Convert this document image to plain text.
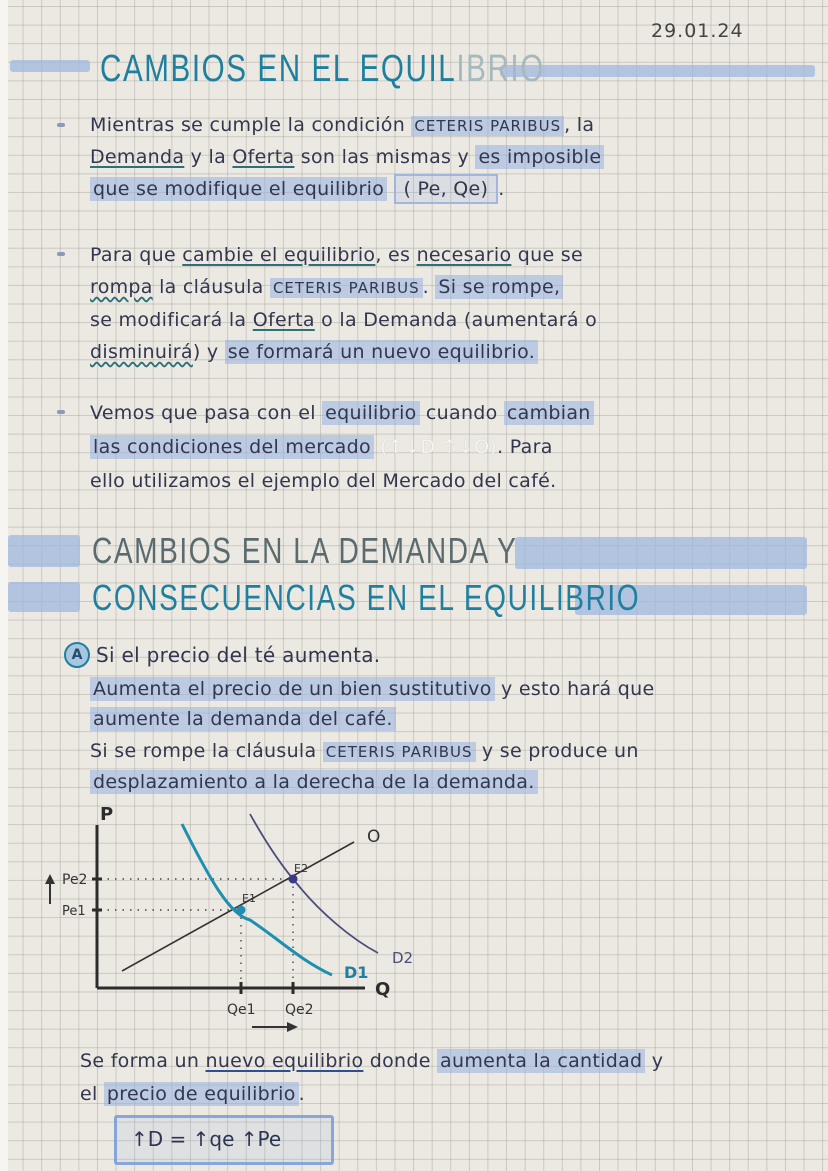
29.01.24
CAMBIOS EN EL EQUILIBRIO
Mientras se cumple la condición CETERIS PARIBUS , la
Demanda y la Oferta son las mismas y es imposible
que se modifique el equilibrio ( Pe, Qe) .
Para que cambie el equilibrio, es necesario que se
rompa la cláusula CETERIS PARIBUS . Si se rompe,
se modificará la Oferta o la Demanda (aumentará o
disminuirá) y se formará un nuevo equilibrio.
Vemos que pasa con el equilibrio cuando cambian
las condiciones del mercado (↑↓D ↑↓O). Para
ello utilizamos el ejemplo del Mercado del café.
CAMBIOS EN LA DEMANDA Y
CONSECUENCIAS EN EL EQUILIBRIO
A Si el precio del té aumenta.
Aumenta el precio de un bien sustitutivo y esto hará que
aumente la demanda del café.
Si se rompe la cláusula CETERIS PARIBUS y se produce un
desplazamiento a la derecha de la demanda.
P
Q
O
D1
D2
E1
E2
Pe2
Pe1
Qe1 Qe2
Se forma un nuevo equilibrio donde aumenta la cantidad y
el precio de equilibrio .
↑D = ↑qe ↑Pe
